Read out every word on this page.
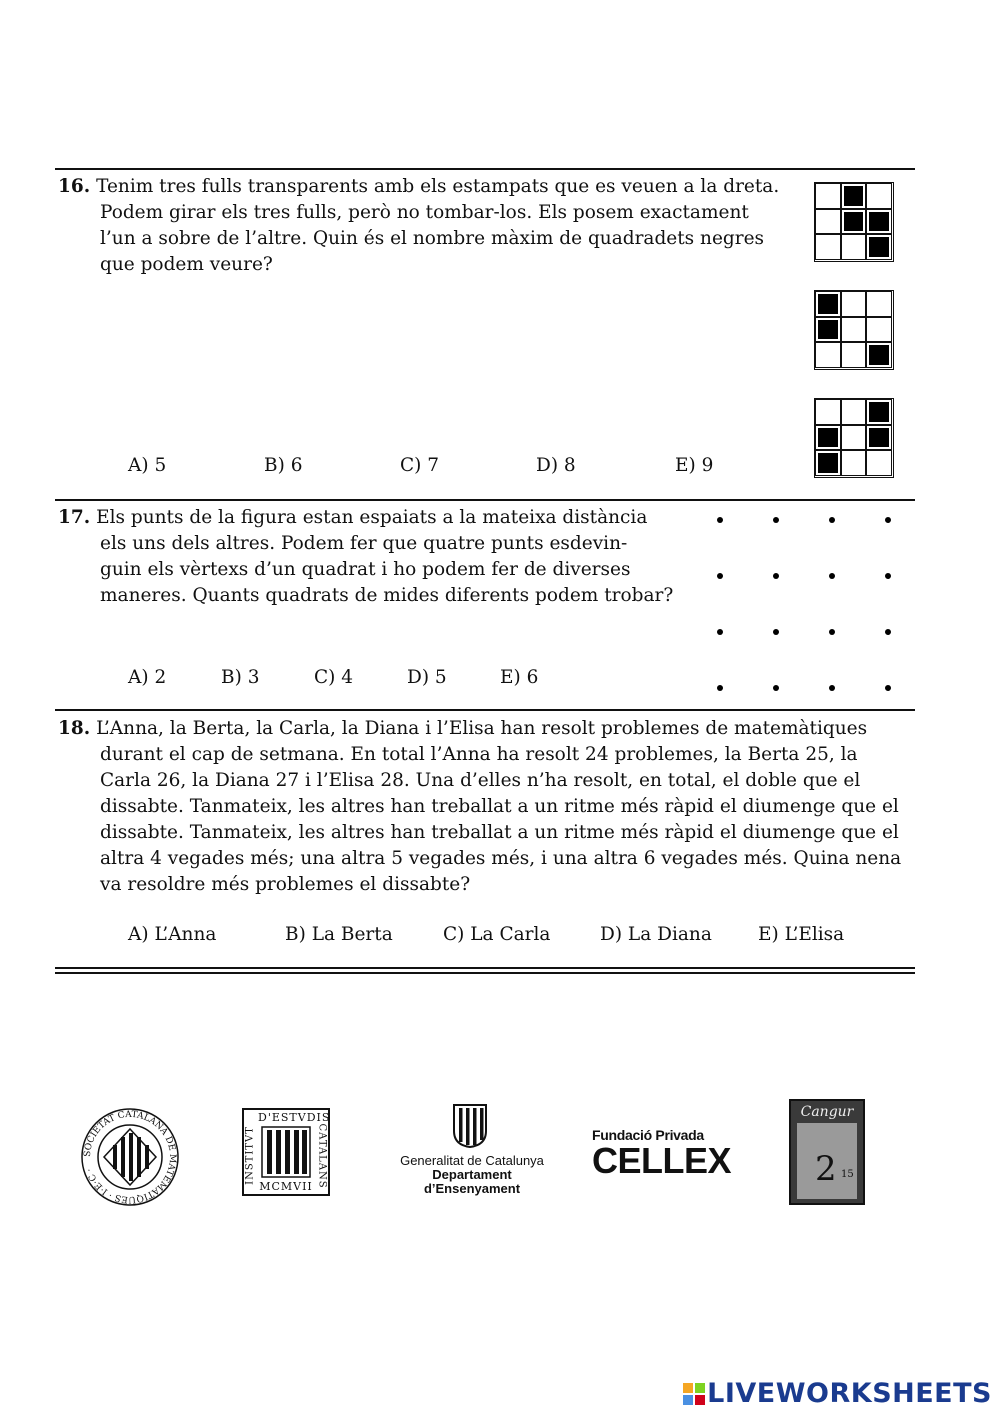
16. Tenim tres fulls transparents amb els estampats que es veuen a la dreta.
Podem girar els tres fulls, però no tombar-los. Els posem exactament
l’un a sobre de l’altre. Quin és el nombre màxim de quadradets negres
que podem veure?
A) 5	B) 6	C) 7	D) 8	E) 9
17. Els punts de la figura estan espaiats a la mateixa distància
els uns dels altres. Podem fer que quatre punts esdevin-
guin els vèrtexs d’un quadrat i ho podem fer de diverses
maneres. Quants quadrats de mides diferents podem trobar?
A) 2	B) 3	C) 4	D) 5	E) 6
18. L’Anna, la Berta, la Carla, la Diana i l’Elisa han resolt problemes de matemàtiques
durant el cap de setmana. En total l’Anna ha resolt 24 problemes, la Berta 25, la
Carla 26, la Diana 27 i l’Elisa 28. Una d’elles n’ha resolt, en total, el doble que el
dissabte. Tanmateix, les altres han treballat a un ritme més ràpid el diumenge que el
dissabte. Tanmateix, les altres han treballat a un ritme més ràpid el diumenge que el
altra 4 vegades més; una altra 5 vegades més, i una altra 6 vegades més. Quina nena
va resoldre més problemes el dissabte?
A) L’Anna	B) La Berta	C) La Carla	D) La Diana E) L’Elisa
SOCIETAT CATALANA DE MATEMÀTIQUES · I·E·C ·
D'ESTVDIS
INSTITVT	CATALANS
MCMVII
Generalitat de Catalunya
Departament
d’Ensenyament
Fundació Privada
CELLEX
Cangur
2 15
LIVEWORKSHEETS
